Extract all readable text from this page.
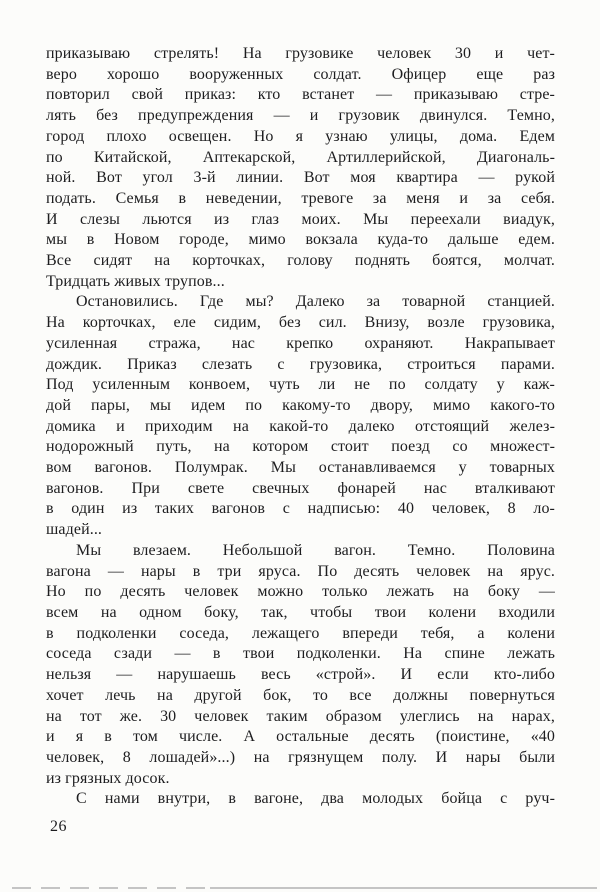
приказываю стрелять! На грузовике человек 30 и чет-
веро хорошо вооруженных солдат. Офицер еще раз
повторил свой приказ: кто встанет — приказываю стре-
лять без предупреждения — и грузовик двинулся. Темно,
город плохо освещен. Но я узнаю улицы, дома. Едем
по Китайской, Аптекарской, Артиллерийской, Диагональ-
ной. Вот угол 3-й линии. Вот моя квартира — рукой
подать. Семья в неведении, тревоге за меня и за себя.
И слезы льются из глаз моих. Мы переехали виадук,
мы в Новом городе, мимо вокзала куда-то дальше едем.
Все сидят на корточках, голову поднять боятся, молчат.
Тридцать живых трупов...
Остановились. Где мы? Далеко за товарной станцией.
На корточках, еле сидим, без сил. Внизу, возле грузовика,
усиленная стража, нас крепко охраняют. Накрапывает
дождик. Приказ слезать с грузовика, строиться парами.
Под усиленным конвоем, чуть ли не по солдату у каж-
дой пары, мы идем по какому-то двору, мимо какого-то
домика и приходим на какой-то далеко отстоящий желез-
нодорожный путь, на котором стоит поезд со множест-
вом вагонов. Полумрак. Мы останавливаемся у товарных
вагонов. При свете свечных фонарей нас вталкивают
в один из таких вагонов с надписью: 40 человек, 8 ло-
шадей...
Мы влезаем. Небольшой вагон. Темно. Половина
вагона — нары в три яруса. По десять человек на ярус.
Но по десять человек можно только лежать на боку —
всем на одном боку, так, чтобы твои колени входили
в подколенки соседа, лежащего впереди тебя, а колени
соседа сзади — в твои подколенки. На спине лежать
нельзя — нарушаешь весь «строй». И если кто-либо
хочет лечь на другой бок, то все должны повернуться
на тот же. 30 человек таким образом улеглись на нарах,
и я в том числе. А остальные десять (поистине, «40
человек, 8 лошадей»...) на грязнущем полу. И нары были
из грязных досок.
С нами внутри, в вагоне, два молодых бойца с руч-
26
